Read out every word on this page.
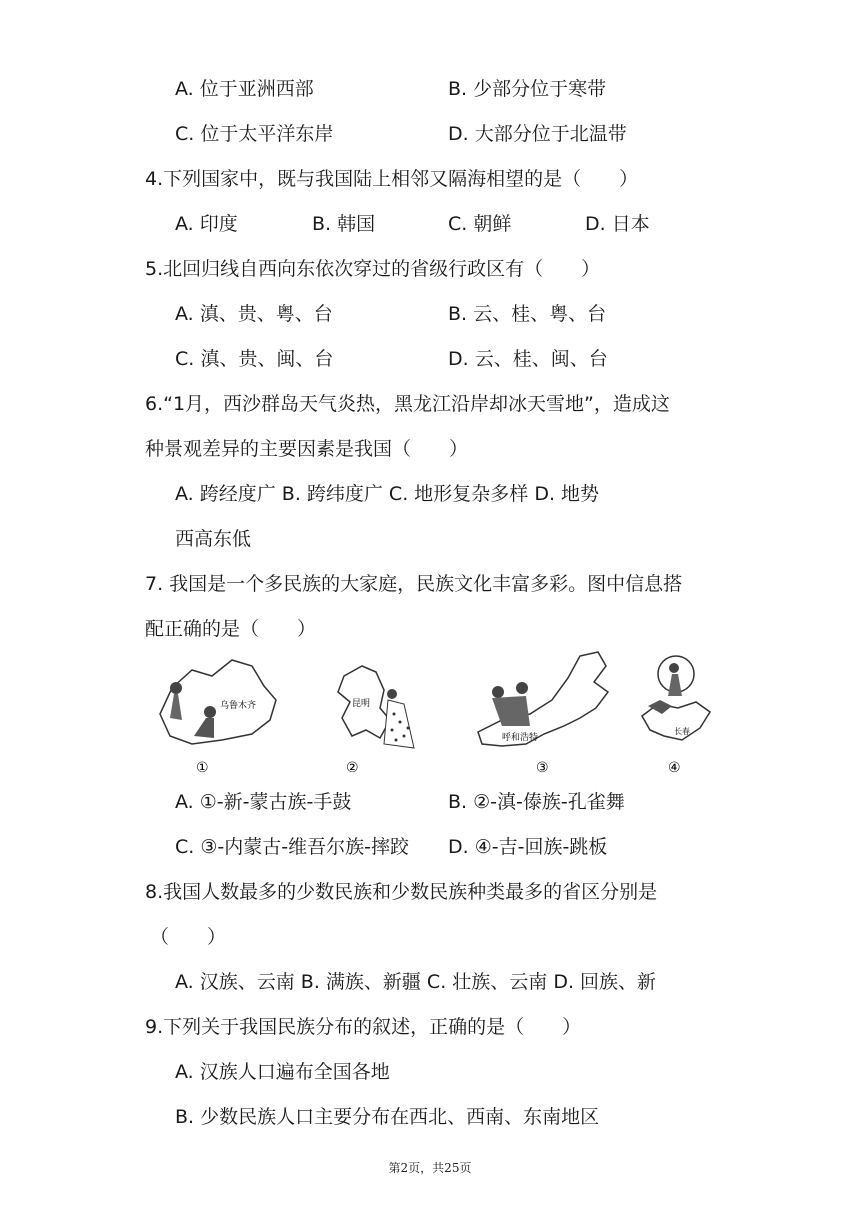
A. 位于亚洲西部	B. 少部分位于寒带
C. 位于太平洋东岸	D. 大部分位于北温带
4.下列国家中，既与我国陆上相邻又隔海相望的是（　　）
A. 印度	B. 韩国	C. 朝鲜	D. 日本
5.北回归线自西向东依次穿过的省级行政区有（　　）
A. 滇、贵、粤、台	B. 云、桂、粤、台
C. 滇、贵、闽、台	D. 云、桂、闽、台
6.“1月，西沙群岛天气炎热，黑龙江沿岸却冰天雪地”，造成这
种景观差异的主要因素是我国（　　）
A. 跨经度广 B. 跨纬度广 C. 地形复杂多样 D. 地势
西高东低
7. 我国是一个多民族的大家庭，民族文化丰富多彩。图中信息搭
配正确的是（　　）
乌鲁木齐
①
昆明
②
呼和浩特
③
长春
④
A. ①-新-蒙古族-手鼓	B. ②-滇-傣族-孔雀舞
C. ③-内蒙古-维吾尔族-摔跤 D. ④-吉-回族-跳板
8.我国人数最多的少数民族和少数民族种类最多的省区分别是
（　　）
A. 汉族、云南 B. 满族、新疆 C. 壮族、云南 D. 回族、新
9.下列关于我国民族分布的叙述，正确的是（　　）
A. 汉族人口遍布全国各地
B. 少数民族人口主要分布在西北、西南、东南地区
第2页，共25页
